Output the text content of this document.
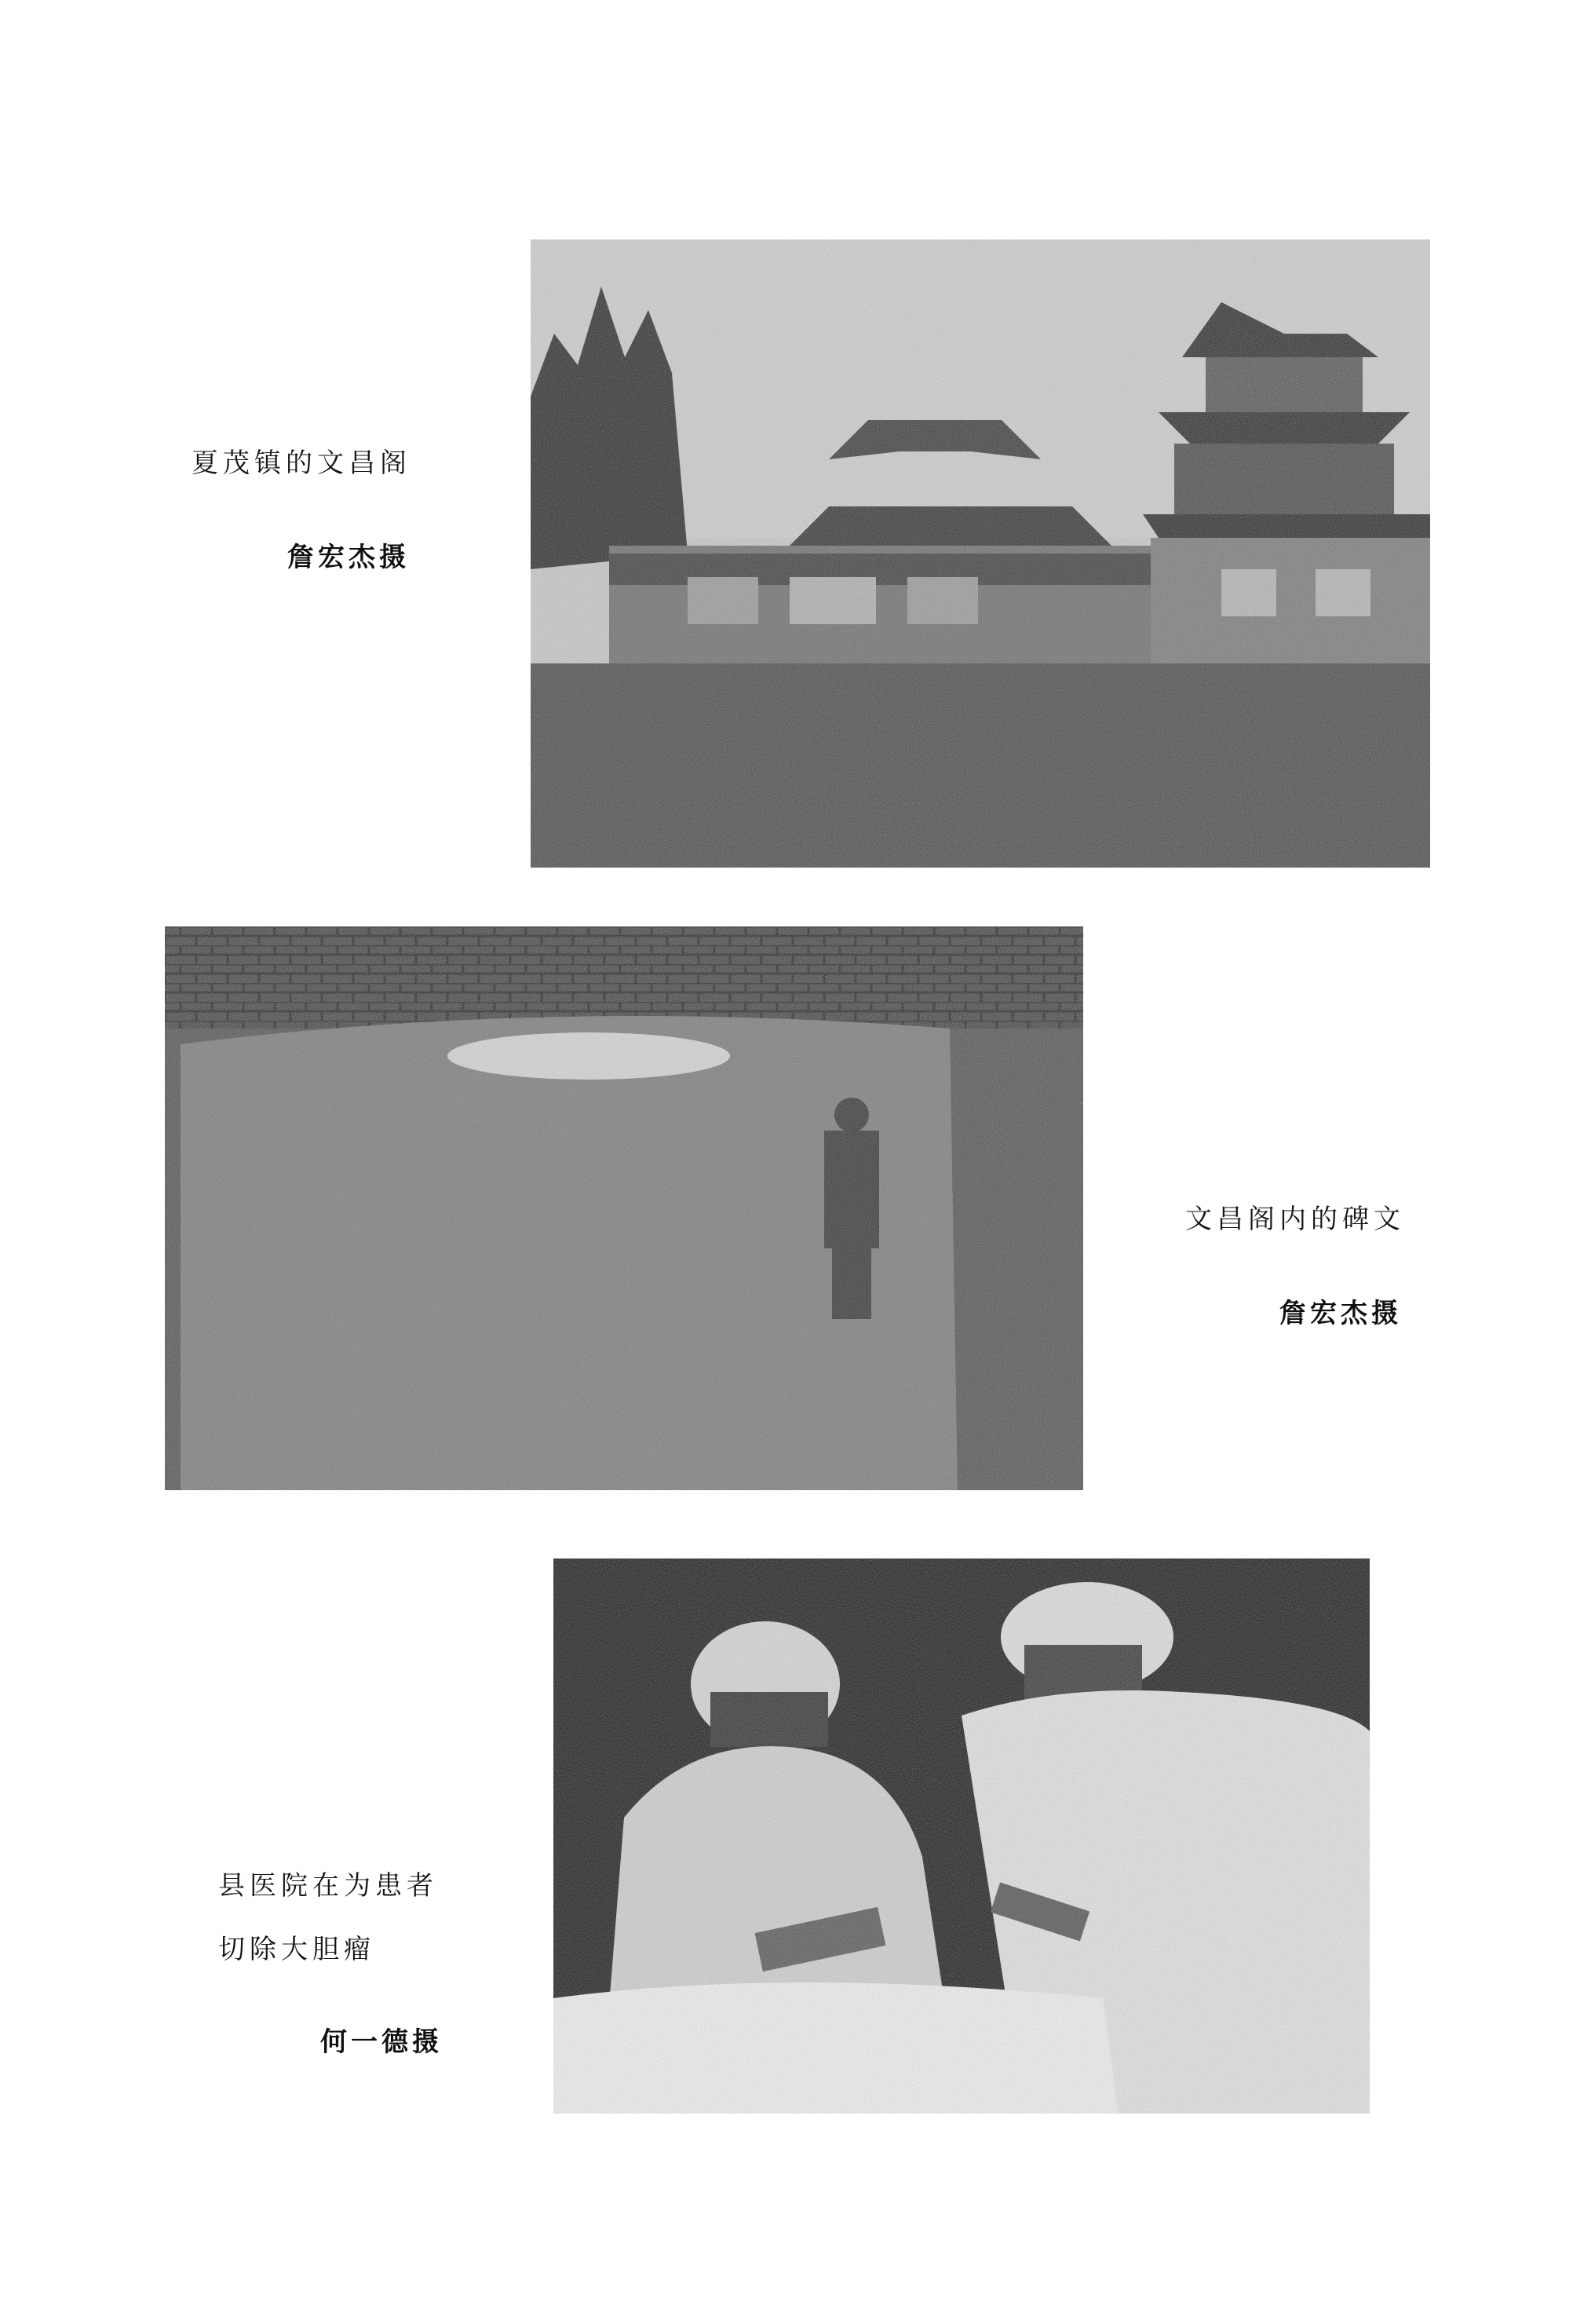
夏茂镇的文昌阁
詹宏杰摄
文昌阁内的碑文
詹宏杰摄
县医院在为患者
切除大胆瘤
何一德摄
